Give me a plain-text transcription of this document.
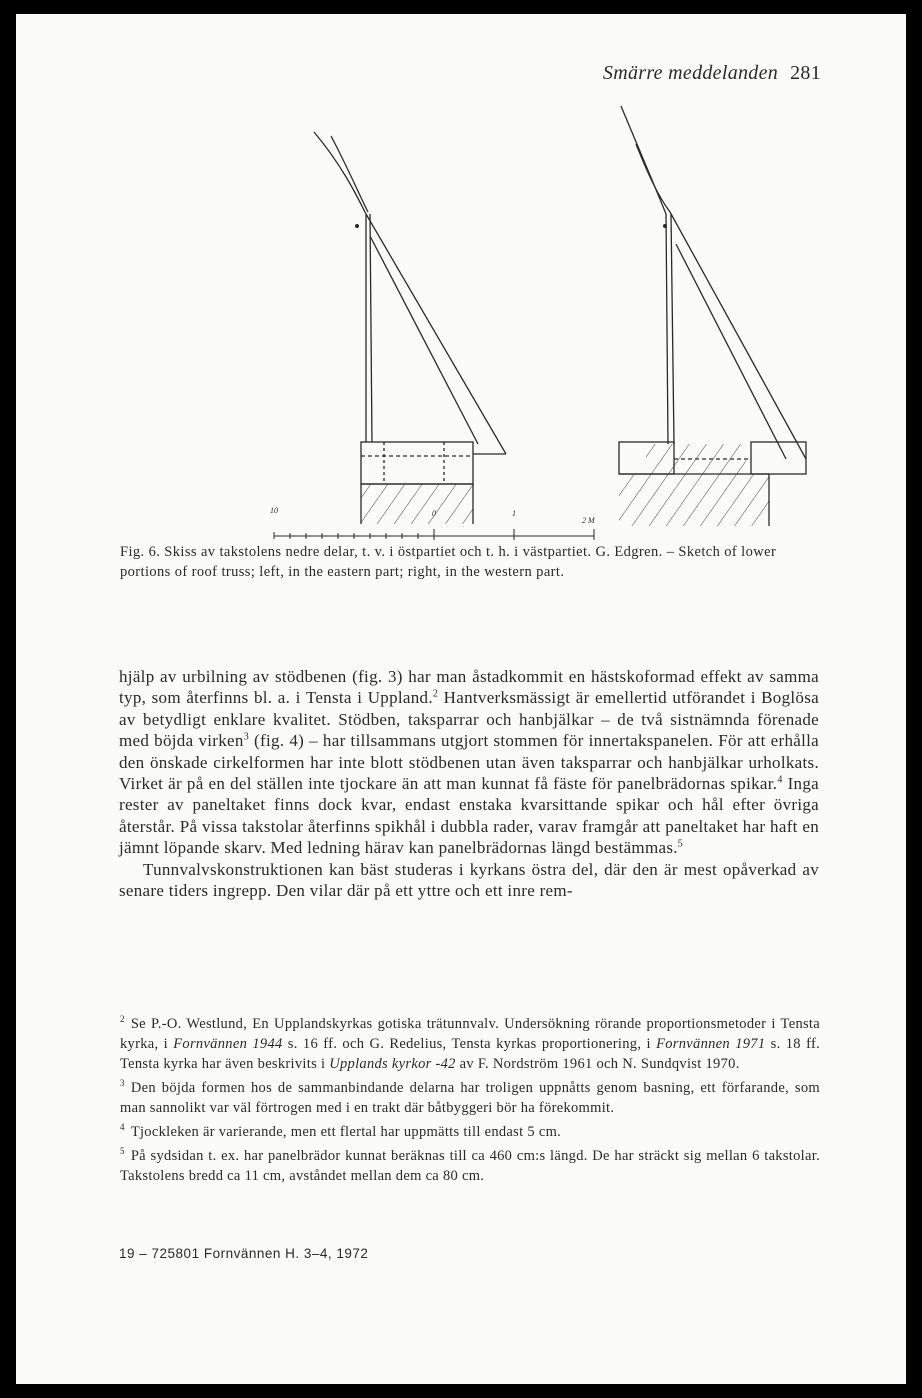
Smärre meddelanden 281
10	0	1
2 M
Fig. 6. Skiss av takstolens nedre delar, t. v. i östpartiet och t. h. i västpartiet. G. Edgren. – Sketch of lower portions of roof truss; left, in the eastern part; right, in the western part.

hjälp av urbilning av stödbenen (fig. 3) har man åstadkommit en hästskoformad effekt av samma typ, som återfinns bl. a. i Tensta i Uppland.$^2$ Hantverksmässigt är emellertid utförandet i Boglösa av betydligt enklare kvalitet. Stödben, taksparrar och hanbjälkar – de två sistnämnda förenade med böjda virken$^3$ (fig. 4) – har tillsammans utgjort stommen för innertakspanelen. För att erhålla den önskade cirkelformen har inte blott stödbenen utan även taksparrar och hanbjälkar urholkats. Virket är på en del ställen inte tjockare än att man kunnat få fäste för panelbrädornas spikar.$^4$ Inga rester av paneltaket finns dock kvar, endast enstaka kvarsittande spikar och hål efter övriga återstår. På vissa takstolar återfinns spikhål i dubbla rader, varav framgår att paneltaket har haft en jämnt löpande skarv. Med ledning härav kan panelbrädornas längd bestämmas.$^5$

Tunnvalvskonstruktionen kan bäst studeras i kyrkans östra del, där den är mest opåverkad av senare tiders ingrepp. Den vilar där på ett yttre och ett inre rem-

$^2$ Se P.-O. Westlund, En Upplandskyrkas gotiska trätunnvalv. Undersökning rörande proportionsmetoder i Tensta kyrka, i Fornvännen 1944 s. 16 ff. och G. Redelius, Tensta kyrkas proportionering, i Fornvännen 1971 s. 18 ff. Tensta kyrka har även beskrivits i Upplands kyrkor -42 av F. Nordström 1961 och N. Sundqvist 1970.

$^3$ Den böjda formen hos de sammanbindande delarna har troligen uppnåtts genom basning, ett förfarande, som man sannolikt var väl förtrogen med i en trakt där båtbyggeri bör ha förekommit.

$^4$ Tjockleken är varierande, men ett flertal har uppmätts till endast 5 cm.

$^5$ På sydsidan t. ex. har panelbrädor kunnat beräknas till ca 460 cm:s längd. De har sträckt sig mellan 6 takstolar. Takstolens bredd ca 11 cm, avståndet mellan dem ca 80 cm.

19 – 725801 Fornvännen H. 3–4, 1972
